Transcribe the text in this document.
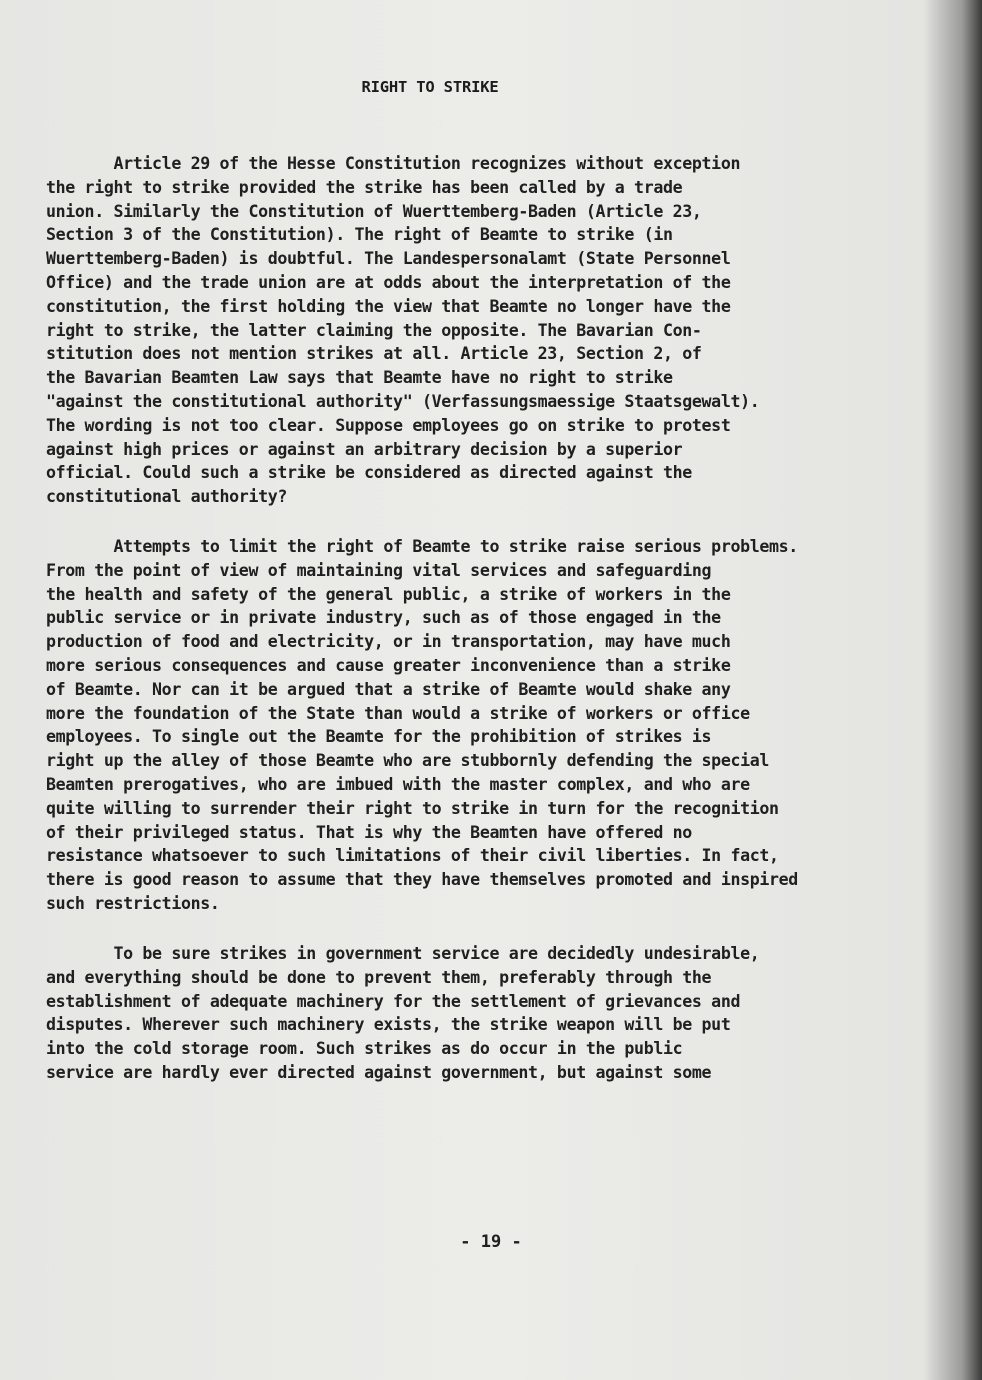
RIGHT TO STRIKE
Article 29 of the Hesse Constitution recognizes without exception
the right to strike provided the strike has been called by a trade
union. Similarly the Constitution of Wuerttemberg-Baden (Article 23,
Section 3 of the Constitution). The right of Beamte to strike (in
Wuerttemberg-Baden) is doubtful. The Landespersonalamt (State Personnel
Office) and the trade union are at odds about the interpretation of the
constitution, the first holding the view that Beamte no longer have the
right to strike, the latter claiming the opposite. The Bavarian Con-
stitution does not mention strikes at all. Article 23, Section 2, of
the Bavarian Beamten Law says that Beamte have no right to strike
"against the constitutional authority" (Verfassungsmaessige Staatsgewalt).
The wording is not too clear. Suppose employees go on strike to protest
against high prices or against an arbitrary decision by a superior
official. Could such a strike be considered as directed against the
constitutional authority?
Attempts to limit the right of Beamte to strike raise serious problems.
From the point of view of maintaining vital services and safeguarding
the health and safety of the general public, a strike of workers in the
public service or in private industry, such as of those engaged in the
production of food and electricity, or in transportation, may have much
more serious consequences and cause greater inconvenience than a strike
of Beamte. Nor can it be argued that a strike of Beamte would shake any
more the foundation of the State than would a strike of workers or office
employees. To single out the Beamte for the prohibition of strikes is
right up the alley of those Beamte who are stubbornly defending the special
Beamten prerogatives, who are imbued with the master complex, and who are
quite willing to surrender their right to strike in turn for the recognition
of their privileged status. That is why the Beamten have offered no
resistance whatsoever to such limitations of their civil liberties. In fact,
there is good reason to assume that they have themselves promoted and inspired
such restrictions.
To be sure strikes in government service are decidedly undesirable,
and everything should be done to prevent them, preferably through the
establishment of adequate machinery for the settlement of grievances and
disputes. Wherever such machinery exists, the strike weapon will be put
into the cold storage room. Such strikes as do occur in the public
service are hardly ever directed against government, but against some

- 19 -
